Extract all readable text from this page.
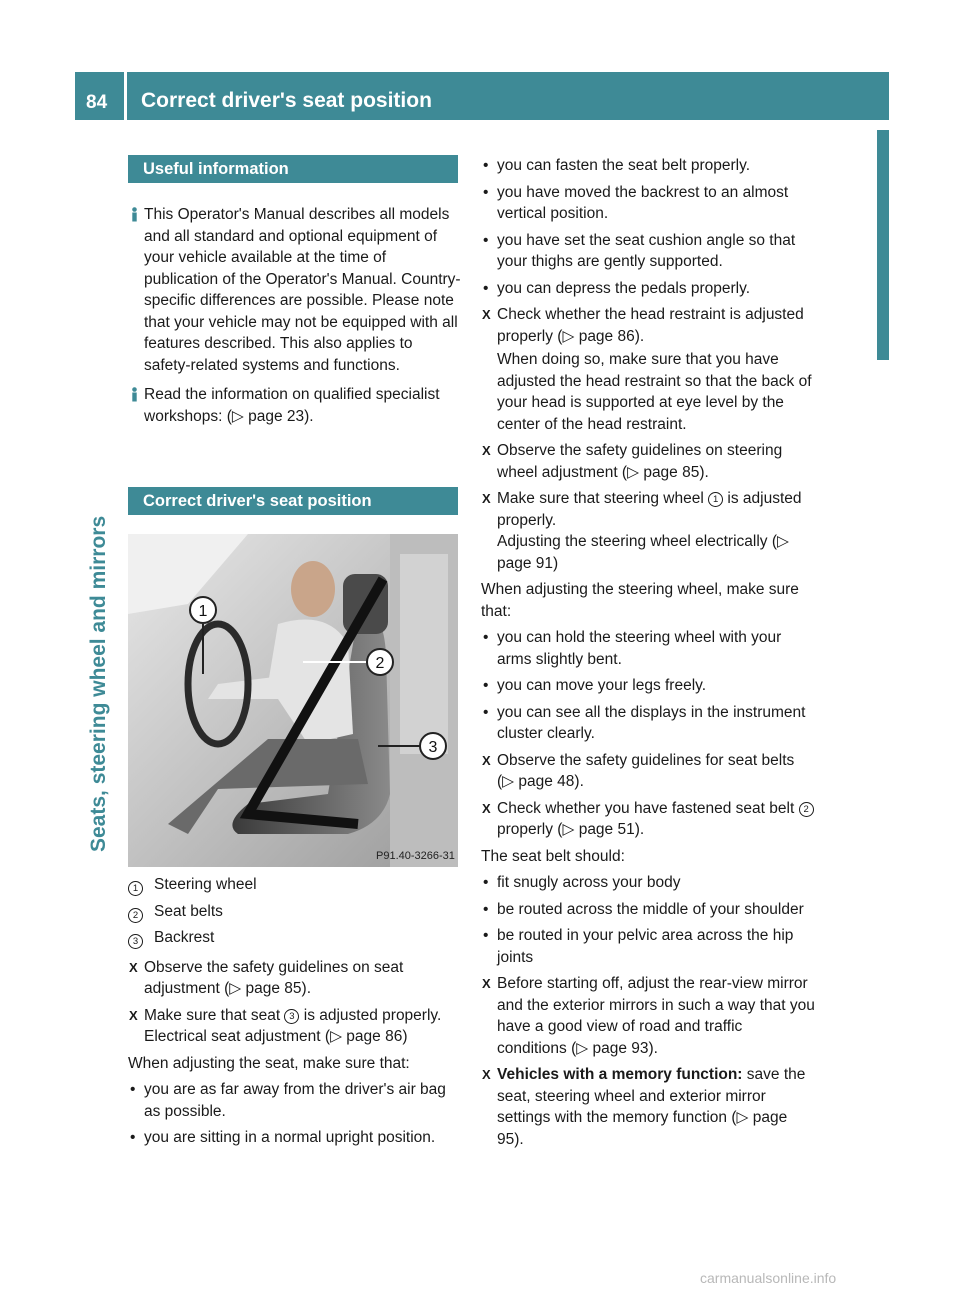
84 Correct driver's seat position
Seats, steering wheel and mirrors
Useful information
This Operator's Manual describes all models and all standard and optional equipment of your vehicle available at the time of publication of the Operator's Manual. Country-specific differences are possible. Please note that your vehicle may not be equipped with all features described. This also applies to safety-related systems and functions.
Read the information on qualified specialist workshops: (▷ page 23).
Correct driver's seat position
1
2
3
P91.40-3266-31
1	Steering wheel
2	Seat belts
3	Backrest
X Observe the safety guidelines on seat adjustment (▷ page 85).
X Make sure that seat 3 is adjusted properly.
Electrical seat adjustment (▷ page 86)
When adjusting the seat, make sure that:
• you are as far away from the driver's air bag as possible.
• you are sitting in a normal upright position.
• you can fasten the seat belt properly.
• you have moved the backrest to an almost vertical position.
• you have set the seat cushion angle so that your thighs are gently supported.
• you can depress the pedals properly.
X Check whether the head restraint is adjusted properly (▷ page 86).
When doing so, make sure that you have adjusted the head restraint so that the back of your head is supported at eye level by the center of the head restraint.
X Observe the safety guidelines on steering wheel adjustment (▷ page 85).
X Make sure that steering wheel 1 is adjusted properly.
Adjusting the steering wheel electrically (▷ page 91)
When adjusting the steering wheel, make sure that:
• you can hold the steering wheel with your arms slightly bent.
• you can move your legs freely.
• you can see all the displays in the instrument cluster clearly.
X Observe the safety guidelines for seat belts (▷ page 48).
X Check whether you have fastened seat belt 2 properly (▷ page 51).
The seat belt should:
• fit snugly across your body
• be routed across the middle of your shoulder
• be routed in your pelvic area across the hip joints
X Before starting off, adjust the rear-view mirror and the exterior mirrors in such a way that you have a good view of road and traffic conditions (▷ page 93).
X Vehicles with a memory function: save the seat, steering wheel and exterior mirror settings with the memory function (▷ page 95).
carmanualsonline.info
